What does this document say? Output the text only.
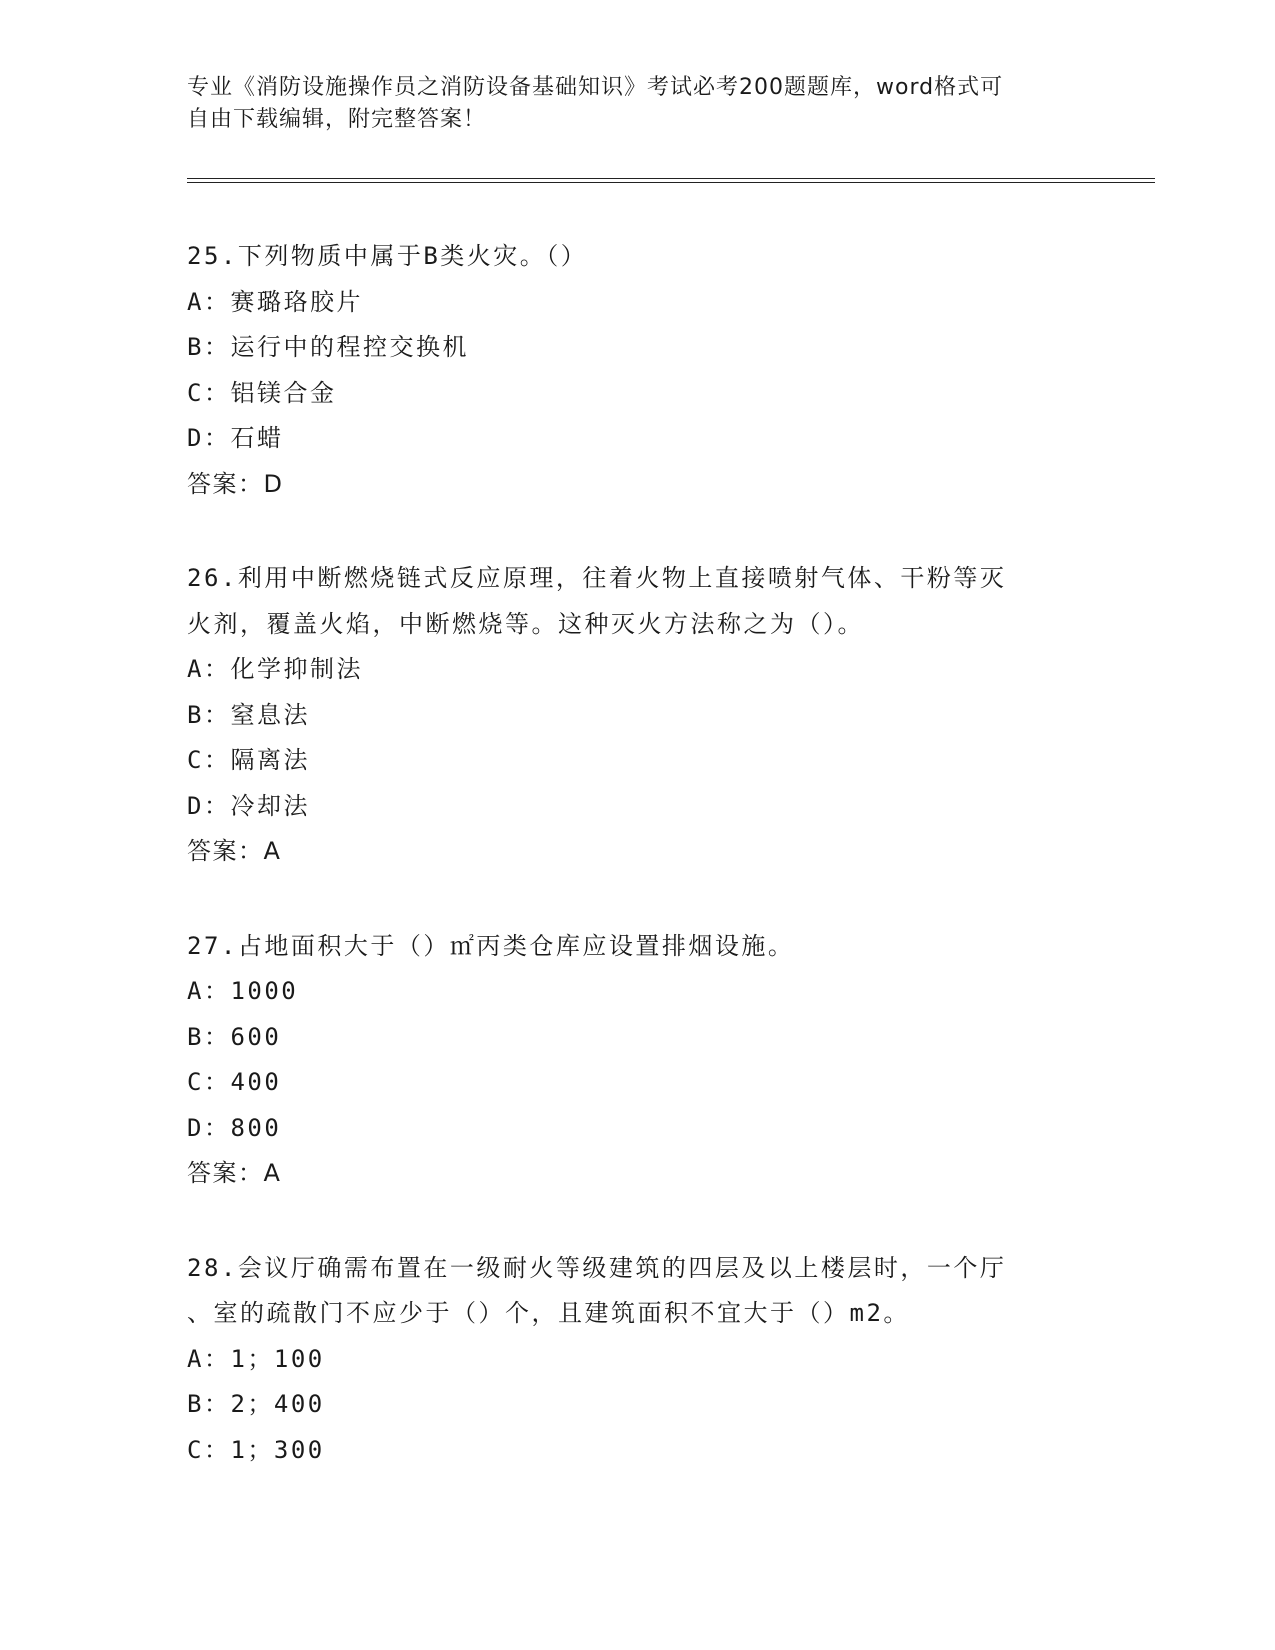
专业《消防设施操作员之消防设备基础知识》考试必考200题题库，word格式可
自由下载编辑，附完整答案！
25.下列物质中属于B类火灾。（）
A：赛璐珞胶片
B：运行中的程控交换机
C：铝镁合金
D：石蜡
答案：D
26.利用中断燃烧链式反应原理，往着火物上直接喷射气体、干粉等灭
火剂，覆盖火焰，中断燃烧等。这种灭火方法称之为（）。
A：化学抑制法
B：窒息法
C：隔离法
D：冷却法
答案：A
27.占地面积大于（）㎡丙类仓库应设置排烟设施。
A：1000
B：600
C：400
D：800
答案：A
28.会议厅确需布置在一级耐火等级建筑的四层及以上楼层时，一个厅
、室的疏散门不应少于（）个，且建筑面积不宜大于（）m2。
A：1；100
B：2；400
C：1；300
